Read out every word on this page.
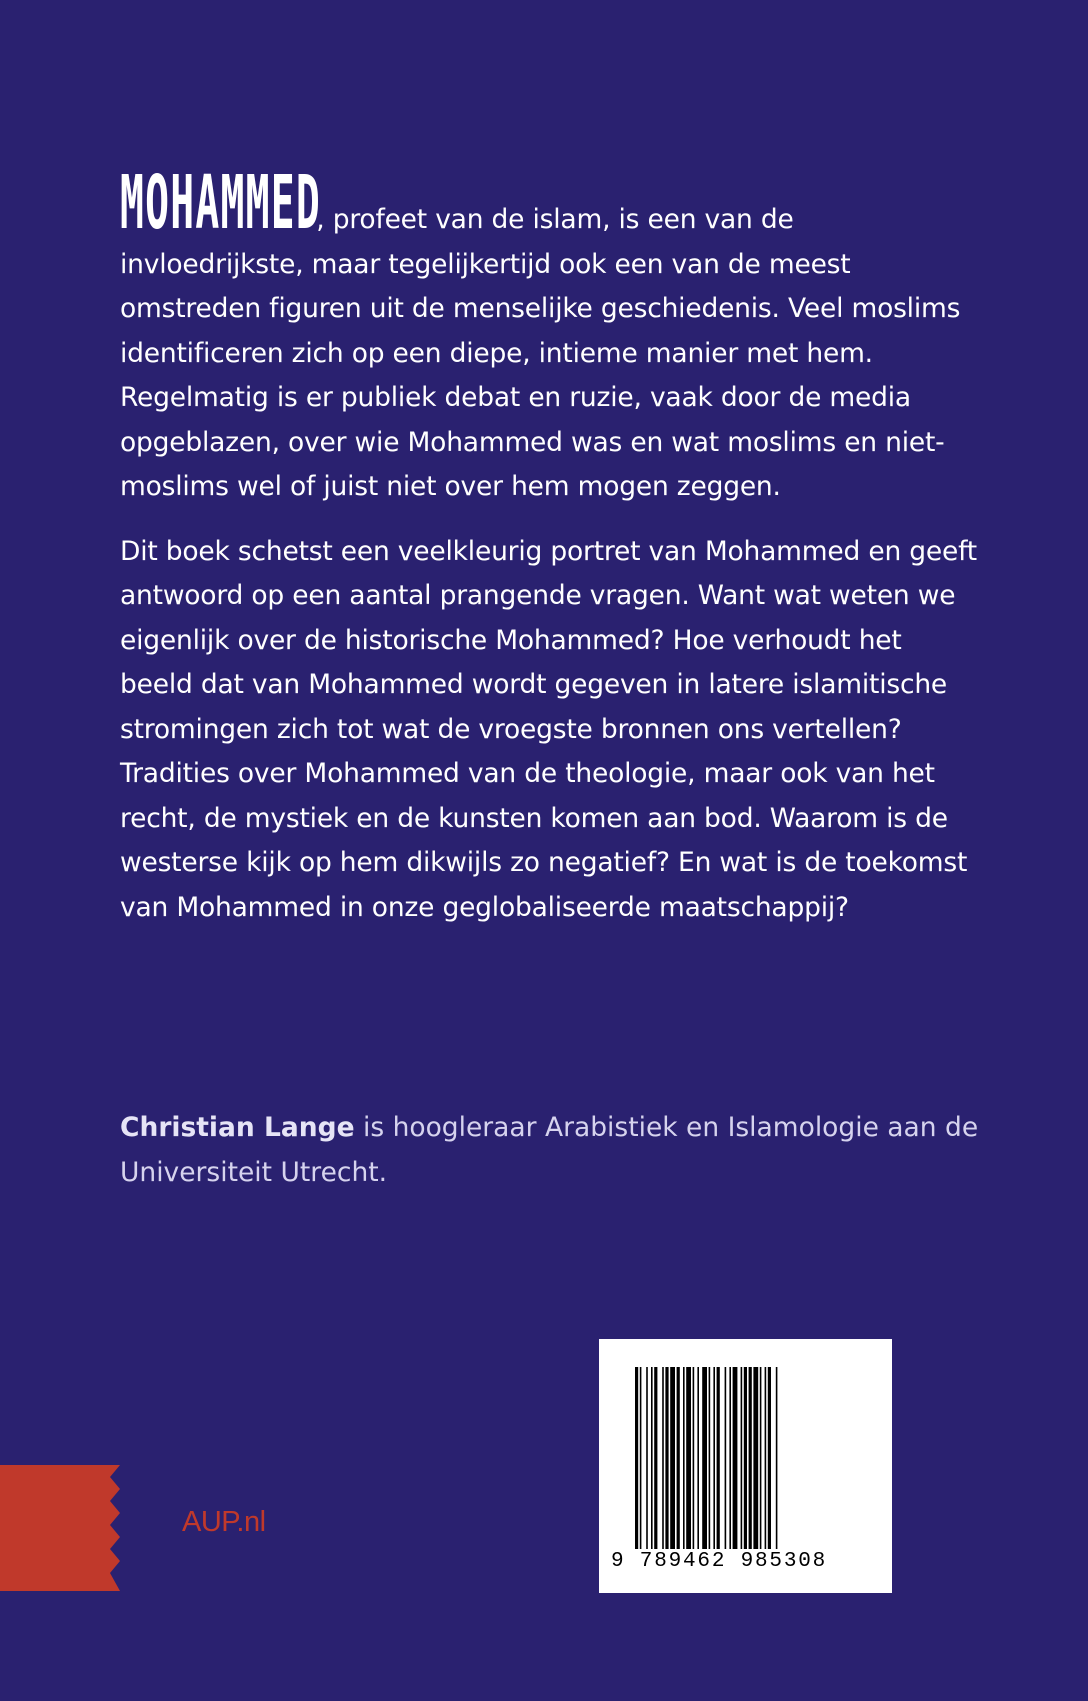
MOHAMMED, profeet van de islam, is een van de invloedrijkste, maar tegelijkertijd ook een van de meest omstreden figuren uit de menselijke geschiedenis. Veel moslims identificeren zich op een diepe, intieme manier met hem. Regelmatig is er publiek debat en ruzie, vaak door de media opgeblazen, over wie Mohammed was en wat moslims en niet-moslims wel of juist niet over hem mogen zeggen.

Dit boek schetst een veelkleurig portret van Mohammed en geeft antwoord op een aantal prangende vragen. Want wat weten we eigenlijk over de historische Mohammed? Hoe verhoudt het beeld dat van Mohammed wordt gegeven in latere islamitische stromingen zich tot wat de vroegste bronnen ons vertellen? Tradities over Mohammed van de theologie, maar ook van het recht, de mystiek en de kunsten komen aan bod. Waarom is de westerse kijk op hem dikwijls zo negatief? En wat is de toekomst van Mohammed in onze geglobaliseerde maatschappij?

Christian Lange is hoogleraar Arabistiek en Islamologie aan de Universiteit Utrecht.

AUP.nl
9 789462 985308
